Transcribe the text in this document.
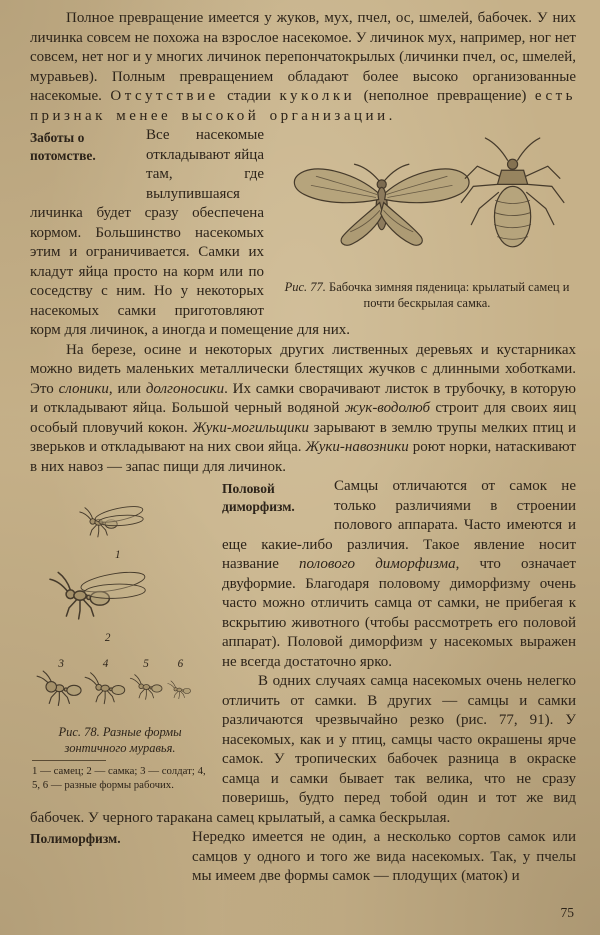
Полное превращение имеется у жуков, мух, пчел, ос, шмелей, бабочек. У них личинка совсем не похожа на взрослое насекомое. У личинок мух, например, ног нет совсем, нет ног и у многих личинок перепончатокрылых (личинки пчел, ос, шмелей, муравьев). Полным превращением обладают более высоко организованные насекомые. Отсутствие стадии куколки (неполное превращение) есть признак менее высокой организации.

Рис. 77. Бабочка зимняя пяденица: крылатый самец и почти бескрылая самка.

Заботы о потомстве.
Все насекомые откладывают яйца там, где вылупившаяся личинка будет сразу обеспечена кормом. Большинство насекомых этим и ограничивается. Самки их кладут яйца просто на корм или по соседству с ним. Но у некоторых насекомых самки приготовляют корм для личинок, а иногда и помещение для них.

На березе, осине и некоторых других лиственных деревьях и кустарниках можно видеть маленьких металлически блестящих жучков с длинными хоботками. Это слоники, или долгоносики. Их самки сворачивают листок в трубочку, в которую и откладывают яйца. Большой черный водяной жук-водолюб строит для своих яиц особый пловучий кокон. Жуки-могильщики зарывают в землю трупы мелких птиц и зверьков и откладывают на них свои яйца. Жуки-навозники роют норки, натаскивают в них навоз — запас пищи для личинок.

1
2
3	4	5	6
Рис. 78. Разные формы зонтичного муравья.
1 — самец; 2 — самка; 3 — солдат; 4, 5, 6 — разные формы рабочих.

Половой диморфизм.
Самцы отличаются от самок не только различиями в строении полового аппарата. Часто имеются и еще какие-либо различия. Такое явление носит название полового диморфизма, что означает двуформие. Благодаря половому диморфизму очень часто можно отличить самца от самки, не прибегая к вскрытию животного (чтобы рассмотреть его половой аппарат). Половой диморфизм у насекомых выражен не всегда достаточно ярко.

В одних случаях самца насекомых очень нелегко отличить от самки. В других — самцы и самки различаются чрезвычайно резко (рис. 77, 91). У насекомых, как и у птиц, самцы часто окрашены ярче самок. У тропических бабочек разница в окраске самца и самки бывает так велика, что не сразу поверишь, будто перед тобой один и тот же вид бабочек. У черного таракана самец крылатый, а самка бескрылая.

Полиморфизм.	Нередко имеется не один, а несколько сортов самок или самцов у одного и того же вида насекомых. Так, у пчелы мы имеем две формы самок — плодущих (маток) и

75
